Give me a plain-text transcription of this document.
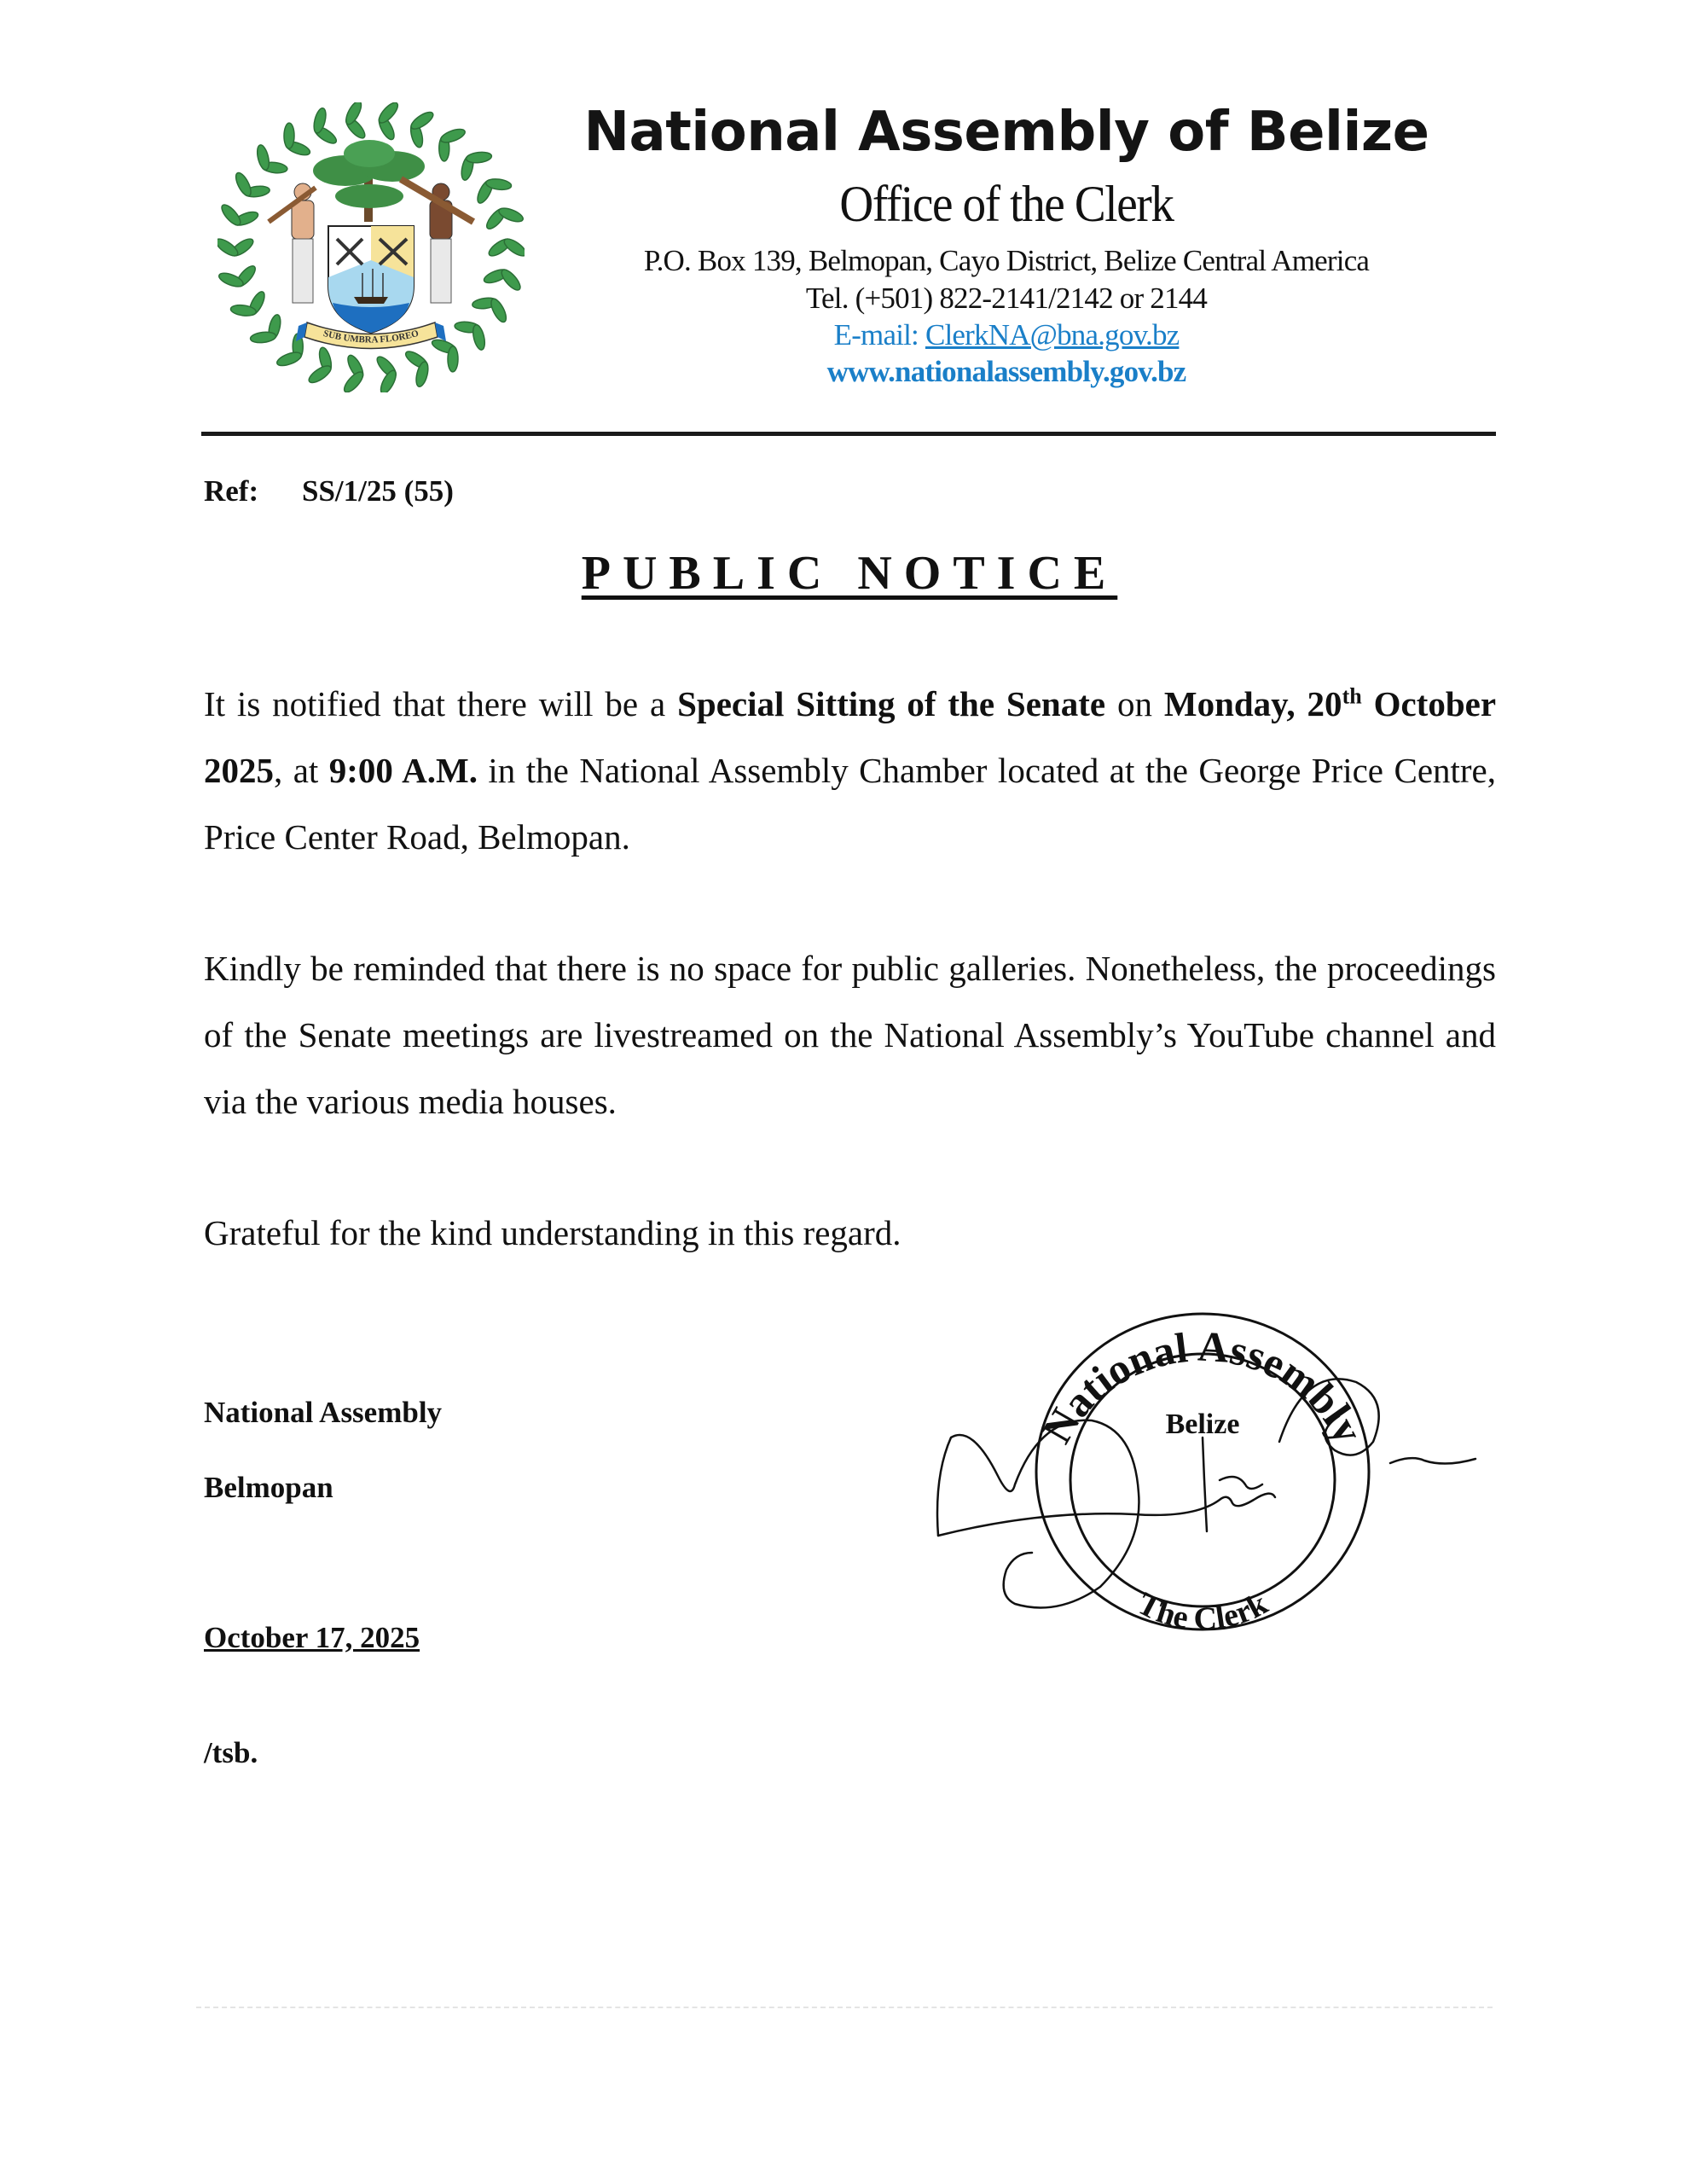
SUB UMBRA FLOREO
National Assembly of Belize
Office of the Clerk
P.O. Box 139, Belmopan, Cayo District, Belize Central America
Tel. (+501) 822-2141/2142 or 2144
E-mail: ClerkNA@bna.gov.bz
www.nationalassembly.gov.bz
Ref: SS/1/25 (55)
PUBLIC NOTICE
It is notified that there will be a Special Sitting of the Senate on Monday, 20th October 2025, at 9:00 A.M. in the National Assembly Chamber located at the George Price Centre, Price Center Road, Belmopan.
Kindly be reminded that there is no space for public galleries. Nonetheless, the proceedings of the Senate meetings are livestreamed on the National Assembly’s YouTube channel and via the various media houses.
Grateful for the kind understanding in this regard.
National Assembly
Belmopan
October 17, 2025
/tsb.
National Assembly
Belize
The Clerk
